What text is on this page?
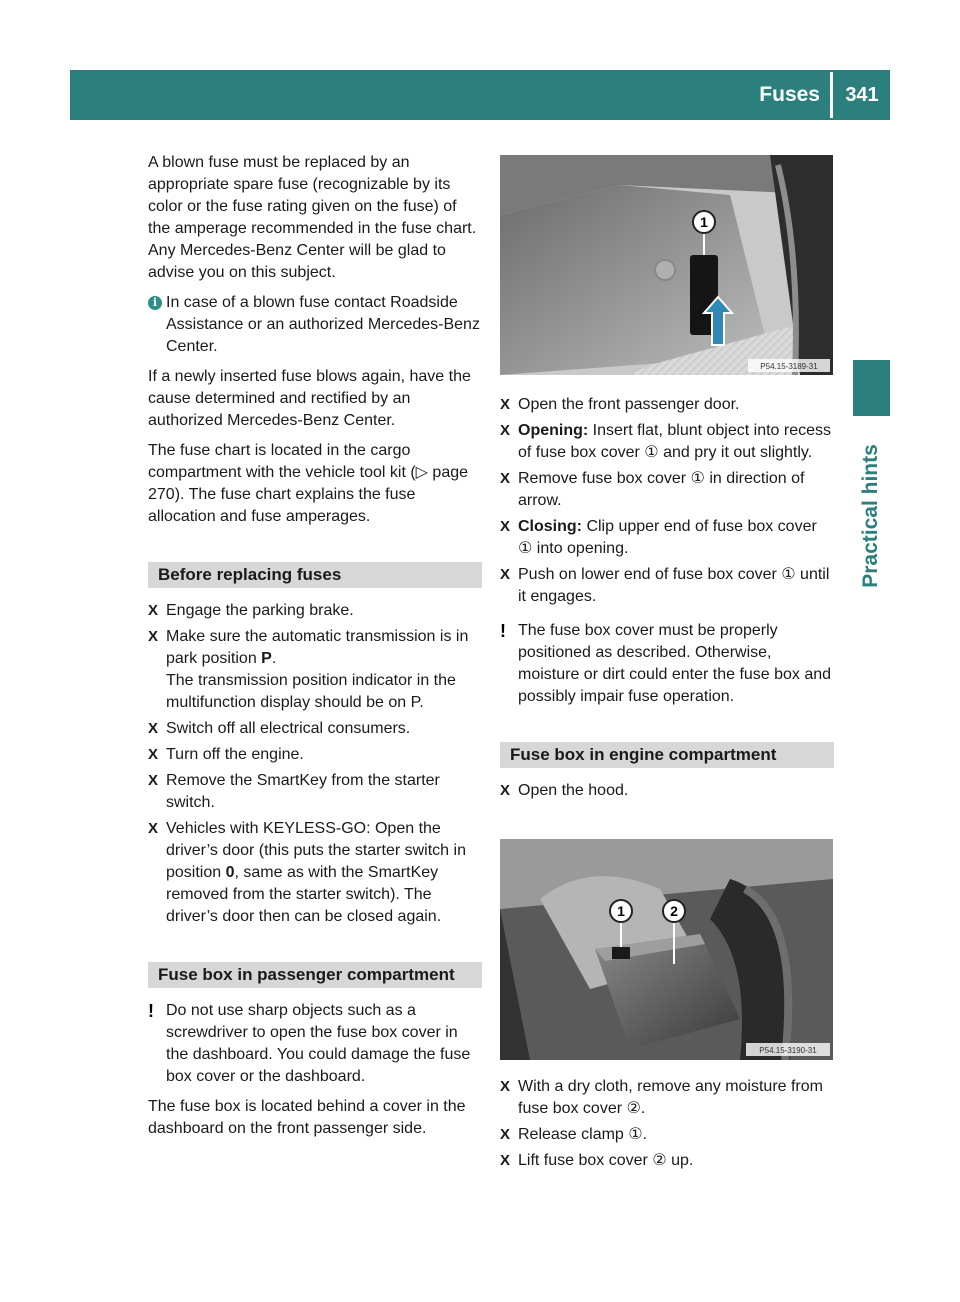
Fuses	341
Practical hints

A blown fuse must be replaced by an appropriate spare fuse (recognizable by its color or the fuse rating given on the fuse) of the amperage recommended in the fuse chart. Any Mercedes-Benz Center will be glad to advise you on this subject.

i In case of a blown fuse contact Roadside Assistance or an authorized Mercedes-Benz Center.

If a newly inserted fuse blows again, have the cause determined and rectified by an authorized Mercedes-Benz Center.

The fuse chart is located in the cargo compartment with the vehicle tool kit (▷ page 270). The fuse chart explains the fuse allocation and fuse amperages.

Before replacing fuses
X Engage the parking brake.
X Make sure the automatic transmission is in park position P.
The transmission position indicator in the multifunction display should be on P.
X Switch off all electrical consumers.
X Turn off the engine.
X Remove the SmartKey from the starter switch.
X Vehicles with KEYLESS-GO: Open the driver’s door (this puts the starter switch in position 0, same as with the SmartKey removed from the starter switch). The driver’s door then can be closed again.
Fuse box in passenger compartment
! Do not use sharp objects such as a screwdriver to open the fuse box cover in the dashboard. You could damage the fuse box cover or the dashboard.

The fuse box is located behind a cover in the dashboard on the front passenger side.

1
P54.15-3189-31
X Open the front passenger door.
X Opening: Insert flat, blunt object into recess of fuse box cover ① and pry it out slightly.
X Remove fuse box cover ① in direction of arrow.
X Closing: Clip upper end of fuse box cover ① into opening.
X Push on lower end of fuse box cover ① until it engages.
! The fuse box cover must be properly positioned as described. Otherwise, moisture or dirt could enter the fuse box and possibly impair fuse operation.
Fuse box in engine compartment
X Open the hood.
1	2
P54.15-3190-31
X With a dry cloth, remove any moisture from fuse box cover ②.
X Release clamp ①.
X Lift fuse box cover ② up.
